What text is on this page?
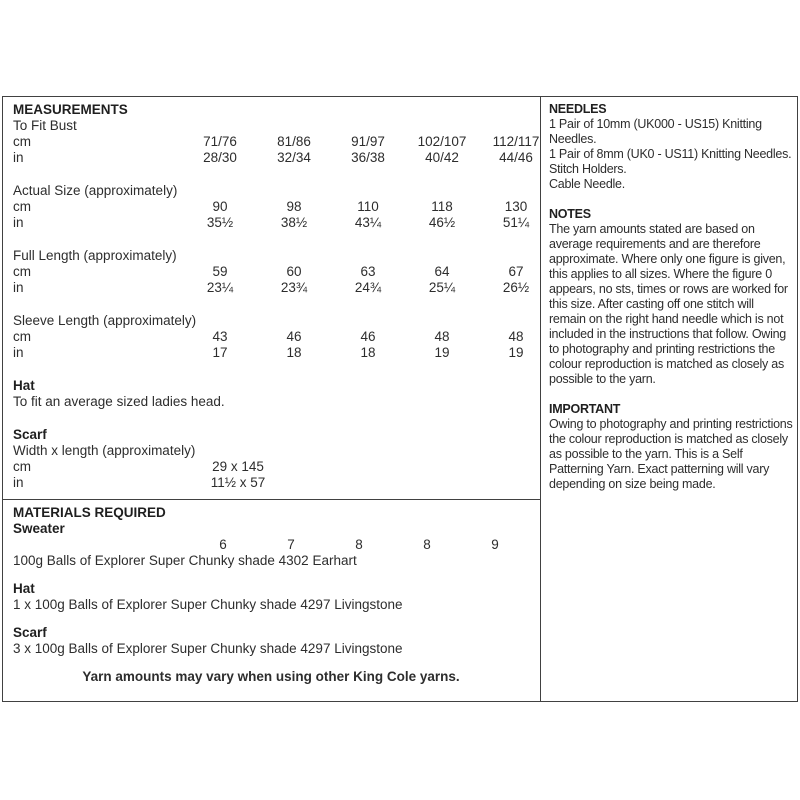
MEASUREMENTS
To Fit Bust
cm	71/76	81/86	91/97	102/107	112/117
in	28/30	32/34	36/38	40/42	44/46
Actual Size (approximately)
cm	90	98	110	118	130
in	35½	38½	43¼	46½	51¼
Full Length (approximately)
cm	59	60	63	64	67
in	23¼	23¾	24¾	25¼	26½
Sleeve Length (approximately)
cm	43	46	46	48	48
in	17	18	18	19	19
Hat
To fit an average sized ladies head.
Scarf
Width x length (approximately)
cm	29 x 145
in	11½ x 57
MATERIALS REQUIRED
Sweater
6	7	8	8	9
100g Balls of Explorer Super Chunky shade 4302 Earhart
Hat
1 x 100g Balls of Explorer Super Chunky shade 4297 Livingstone
Scarf
3 x 100g Balls of Explorer Super Chunky shade 4297 Livingstone
Yarn amounts may vary when using other King Cole yarns.
NEEDLES
1 Pair of 10mm (UK000 - US15) Knitting Needles.
1 Pair of 8mm (UK0 - US11) Knitting Needles.
Stitch Holders.
Cable Needle.
NOTES
The yarn amounts stated are based on average requirements and are therefore approximate. Where only one figure is given, this applies to all sizes. Where the figure 0 appears, no sts, times or rows are worked for this size. After casting off one stitch will remain on the right hand needle which is not included in the instructions that follow. Owing to photography and printing restrictions the colour reproduction is matched as closely as possible to the yarn.
IMPORTANT
Owing to photography and printing restrictions the colour reproduction is matched as closely as possible to the yarn. This is a Self Patterning Yarn. Exact patterning will vary depending on size being made.
